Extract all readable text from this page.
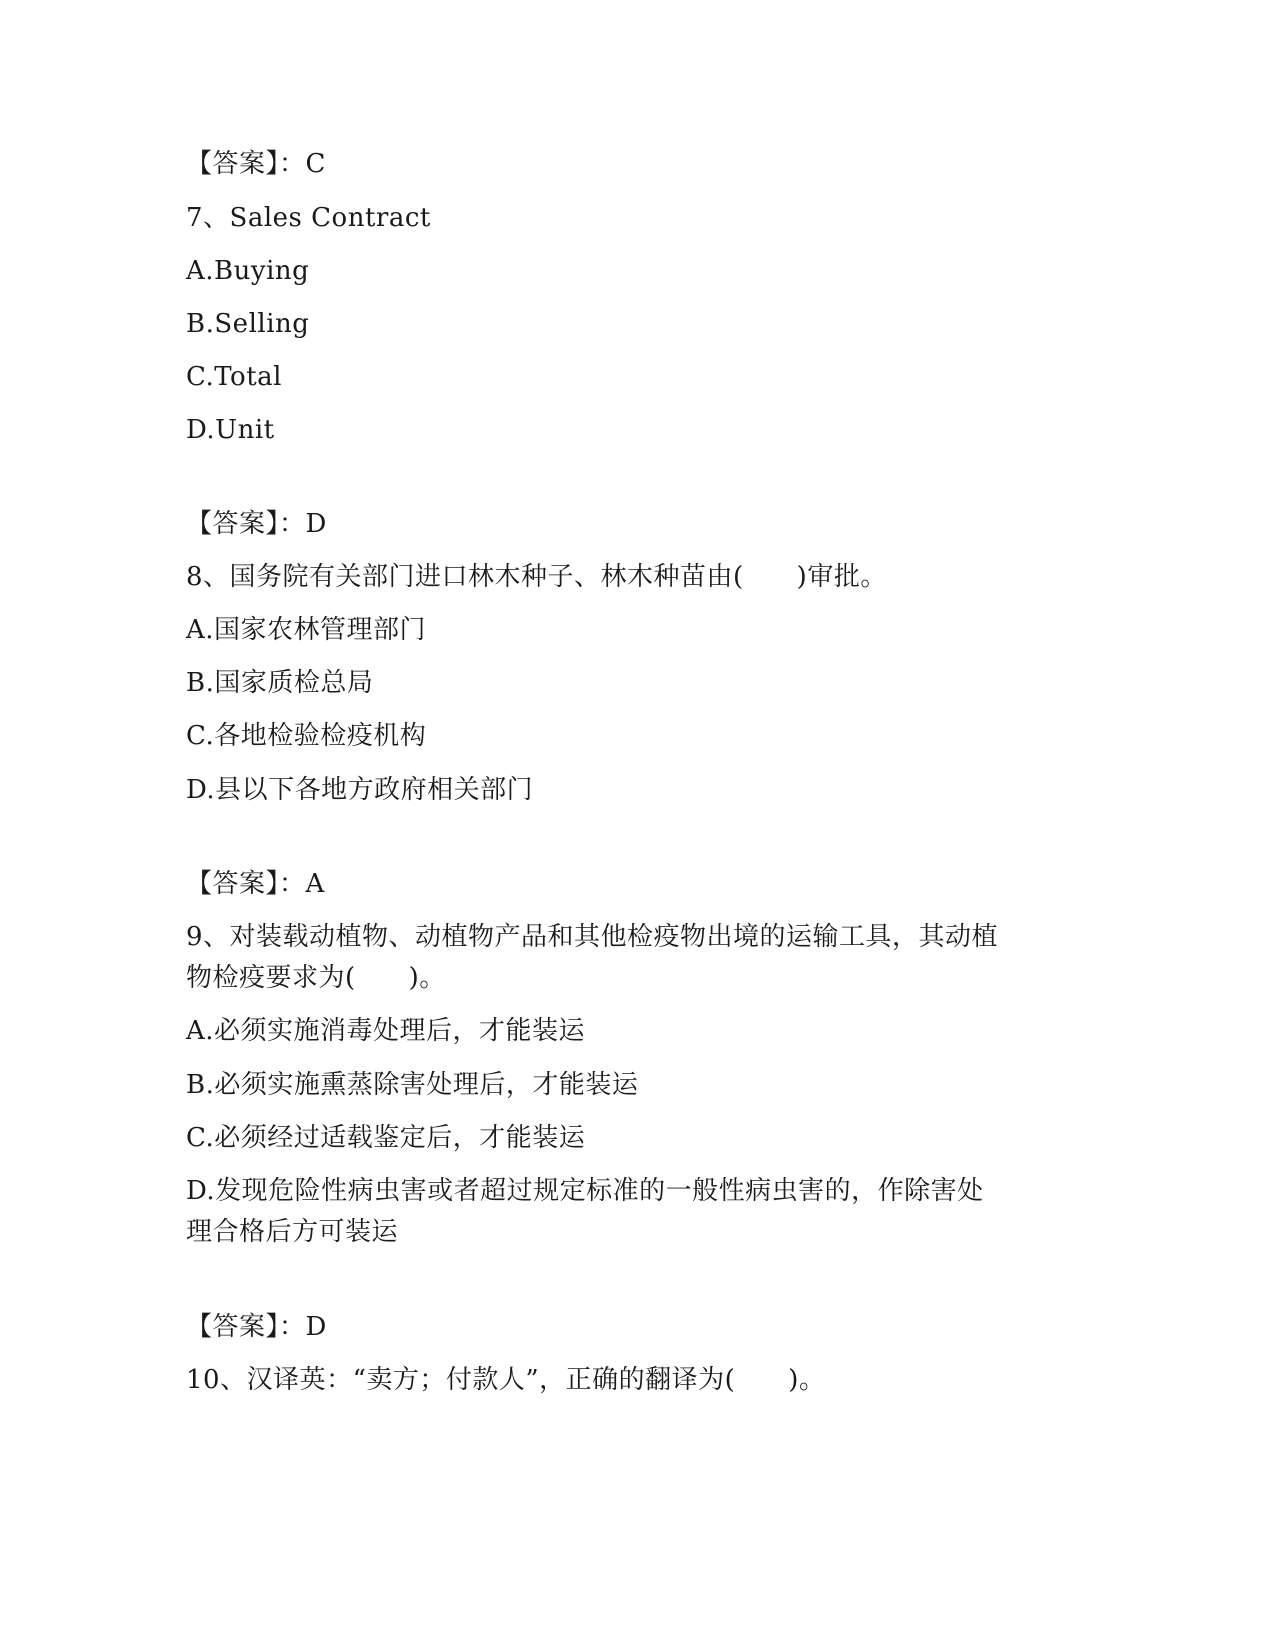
【答案】：C
7、Sales Contract
A.Buying
B.Selling
C.Total
D.Unit
【答案】：D
8、国务院有关部门进口林木种子、林木种苗由(　　)审批。
A.国家农林管理部门
B.国家质检总局
C.各地检验检疫机构
D.县以下各地方政府相关部门
【答案】：A
9、对装载动植物、动植物产品和其他检疫物出境的运输工具，其动植
物检疫要求为(　　)。
A.必须实施消毒处理后，才能装运
B.必须实施熏蒸除害处理后，才能装运
C.必须经过适载鉴定后，才能装运
D.发现危险性病虫害或者超过规定标准的一般性病虫害的，作除害处
理合格后方可装运
【答案】：D
10、汉译英：“卖方；付款人”，正确的翻译为(　　)。
